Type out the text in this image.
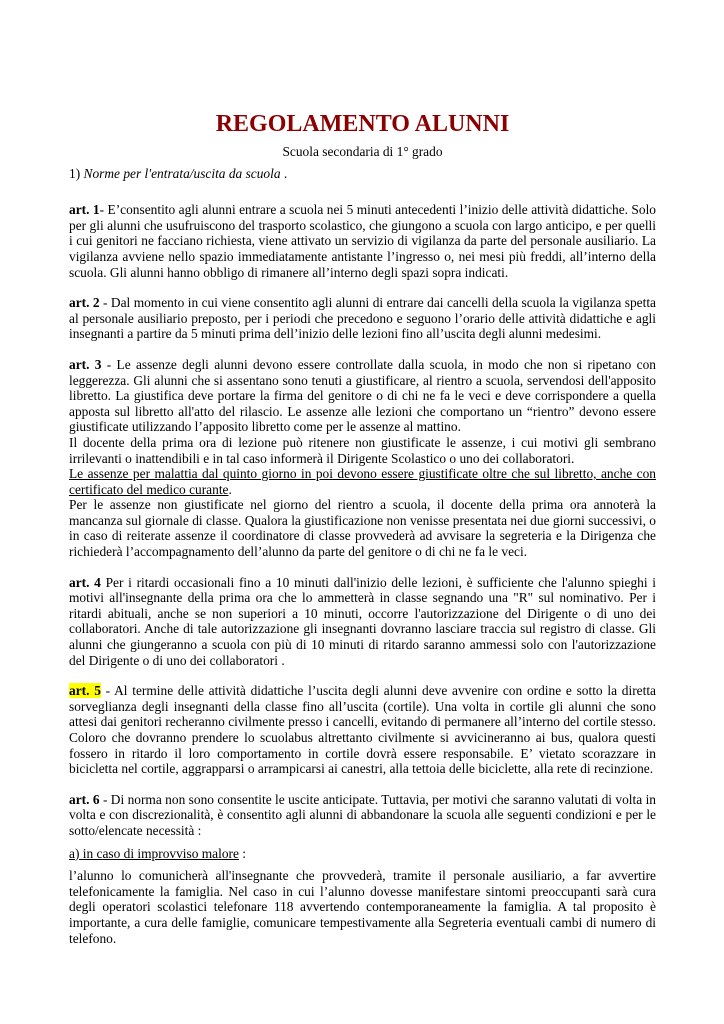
REGOLAMENTO ALUNNI
Scuola secondaria di 1° grado
1) Norme per l'entrata/uscita da scuola .

art. 1- E’consentito agli alunni entrare a scuola nei 5 minuti antecedenti l’inizio delle attività didattiche. Solo per gli alunni che usufruiscono del trasporto scolastico, che giungono a scuola con largo anticipo, e per quelli i cui genitori ne facciano richiesta, viene attivato un servizio di vigilanza da parte del personale ausiliario. La vigilanza avviene nello spazio immediatamente antistante l’ingresso o, nei mesi più freddi, all’interno della scuola. Gli alunni hanno obbligo di rimanere all’interno degli spazi sopra indicati.

art. 2 - Dal momento in cui viene consentito agli alunni di entrare dai cancelli della scuola la vigilanza spetta al personale ausiliario preposto, per i periodi che precedono e seguono l’orario delle attività didattiche e agli insegnanti a partire da 5 minuti prima dell’inizio delle lezioni fino all’uscita degli alunni medesimi.

art. 3 - Le assenze degli alunni devono essere controllate dalla scuola, in modo che non si ripetano con leggerezza. Gli alunni che si assentano sono tenuti a giustificare, al rientro a scuola, servendosi dell'apposito libretto. La giustifica deve portare la firma del genitore o di chi ne fa le veci e deve corrispondere a quella apposta sul libretto all'atto del rilascio. Le assenze alle lezioni che comportano un “rientro” devono essere giustificate utilizzando l’apposito libretto come per le assenze al mattino.

Il docente della prima ora di lezione può ritenere non giustificate le assenze, i cui motivi gli sembrano irrilevanti o inattendibili e in tal caso informerà il Dirigente Scolastico o uno dei collaboratori.

Le assenze per malattia dal quinto giorno in poi devono essere giustificate oltre che sul libretto, anche con certificato del medico curante.

Per le assenze non giustificate nel giorno del rientro a scuola, il docente della prima ora annoterà la mancanza sul giornale di classe. Qualora la giustificazione non venisse presentata nei due giorni successivi, o in caso di reiterate assenze il coordinatore di classe provvederà ad avvisare la segreteria e la Dirigenza che richiederà l’accompagnamento dell’alunno da parte del genitore o di chi ne fa le veci.

art. 4 Per i ritardi occasionali fino a 10 minuti dall'inizio delle lezioni, è sufficiente che l'alunno spieghi i motivi all'insegnante della prima ora che lo ammetterà in classe segnando una "R" sul nominativo. Per i ritardi abituali, anche se non superiori a 10 minuti, occorre l'autorizzazione del Dirigente o di uno dei collaboratori. Anche di tale autorizzazione gli insegnanti dovranno lasciare traccia sul registro di classe. Gli alunni che giungeranno a scuola con più di 10 minuti di ritardo saranno ammessi solo con l'autorizzazione del Dirigente o di uno dei collaboratori .

art. 5 - Al termine delle attività didattiche l’uscita degli alunni deve avvenire con ordine e sotto la diretta sorveglianza degli insegnanti della classe fino all’uscita (cortile). Una volta in cortile gli alunni che sono attesi dai genitori recheranno civilmente presso i cancelli, evitando di permanere all’interno del cortile stesso. Coloro che dovranno prendere lo scuolabus altrettanto civilmente si avvicineranno ai bus, qualora questi fossero in ritardo il loro comportamento in cortile dovrà essere responsabile. E’ vietato scorazzare in bicicletta nel cortile, aggrapparsi o arrampicarsi ai canestri, alla tettoia delle biciclette, alla rete di recinzione.

art. 6 - Di norma non sono consentite le uscite anticipate. Tuttavia, per motivi che saranno valutati di volta in volta e con discrezionalità, è consentito agli alunni di abbandonare la scuola alle seguenti condizioni e per le sotto/elencate necessità :

a) in caso di improvviso malore :

l’alunno lo comunicherà all'insegnante che provvederà, tramite il personale ausiliario, a far avvertire telefonicamente la famiglia. Nel caso in cui l’alunno dovesse manifestare sintomi preoccupanti sarà cura degli operatori scolastici telefonare 118 avvertendo contemporaneamente la famiglia. A tal proposito è importante, a cura delle famiglie, comunicare tempestivamente alla Segreteria eventuali cambi di numero di telefono.
